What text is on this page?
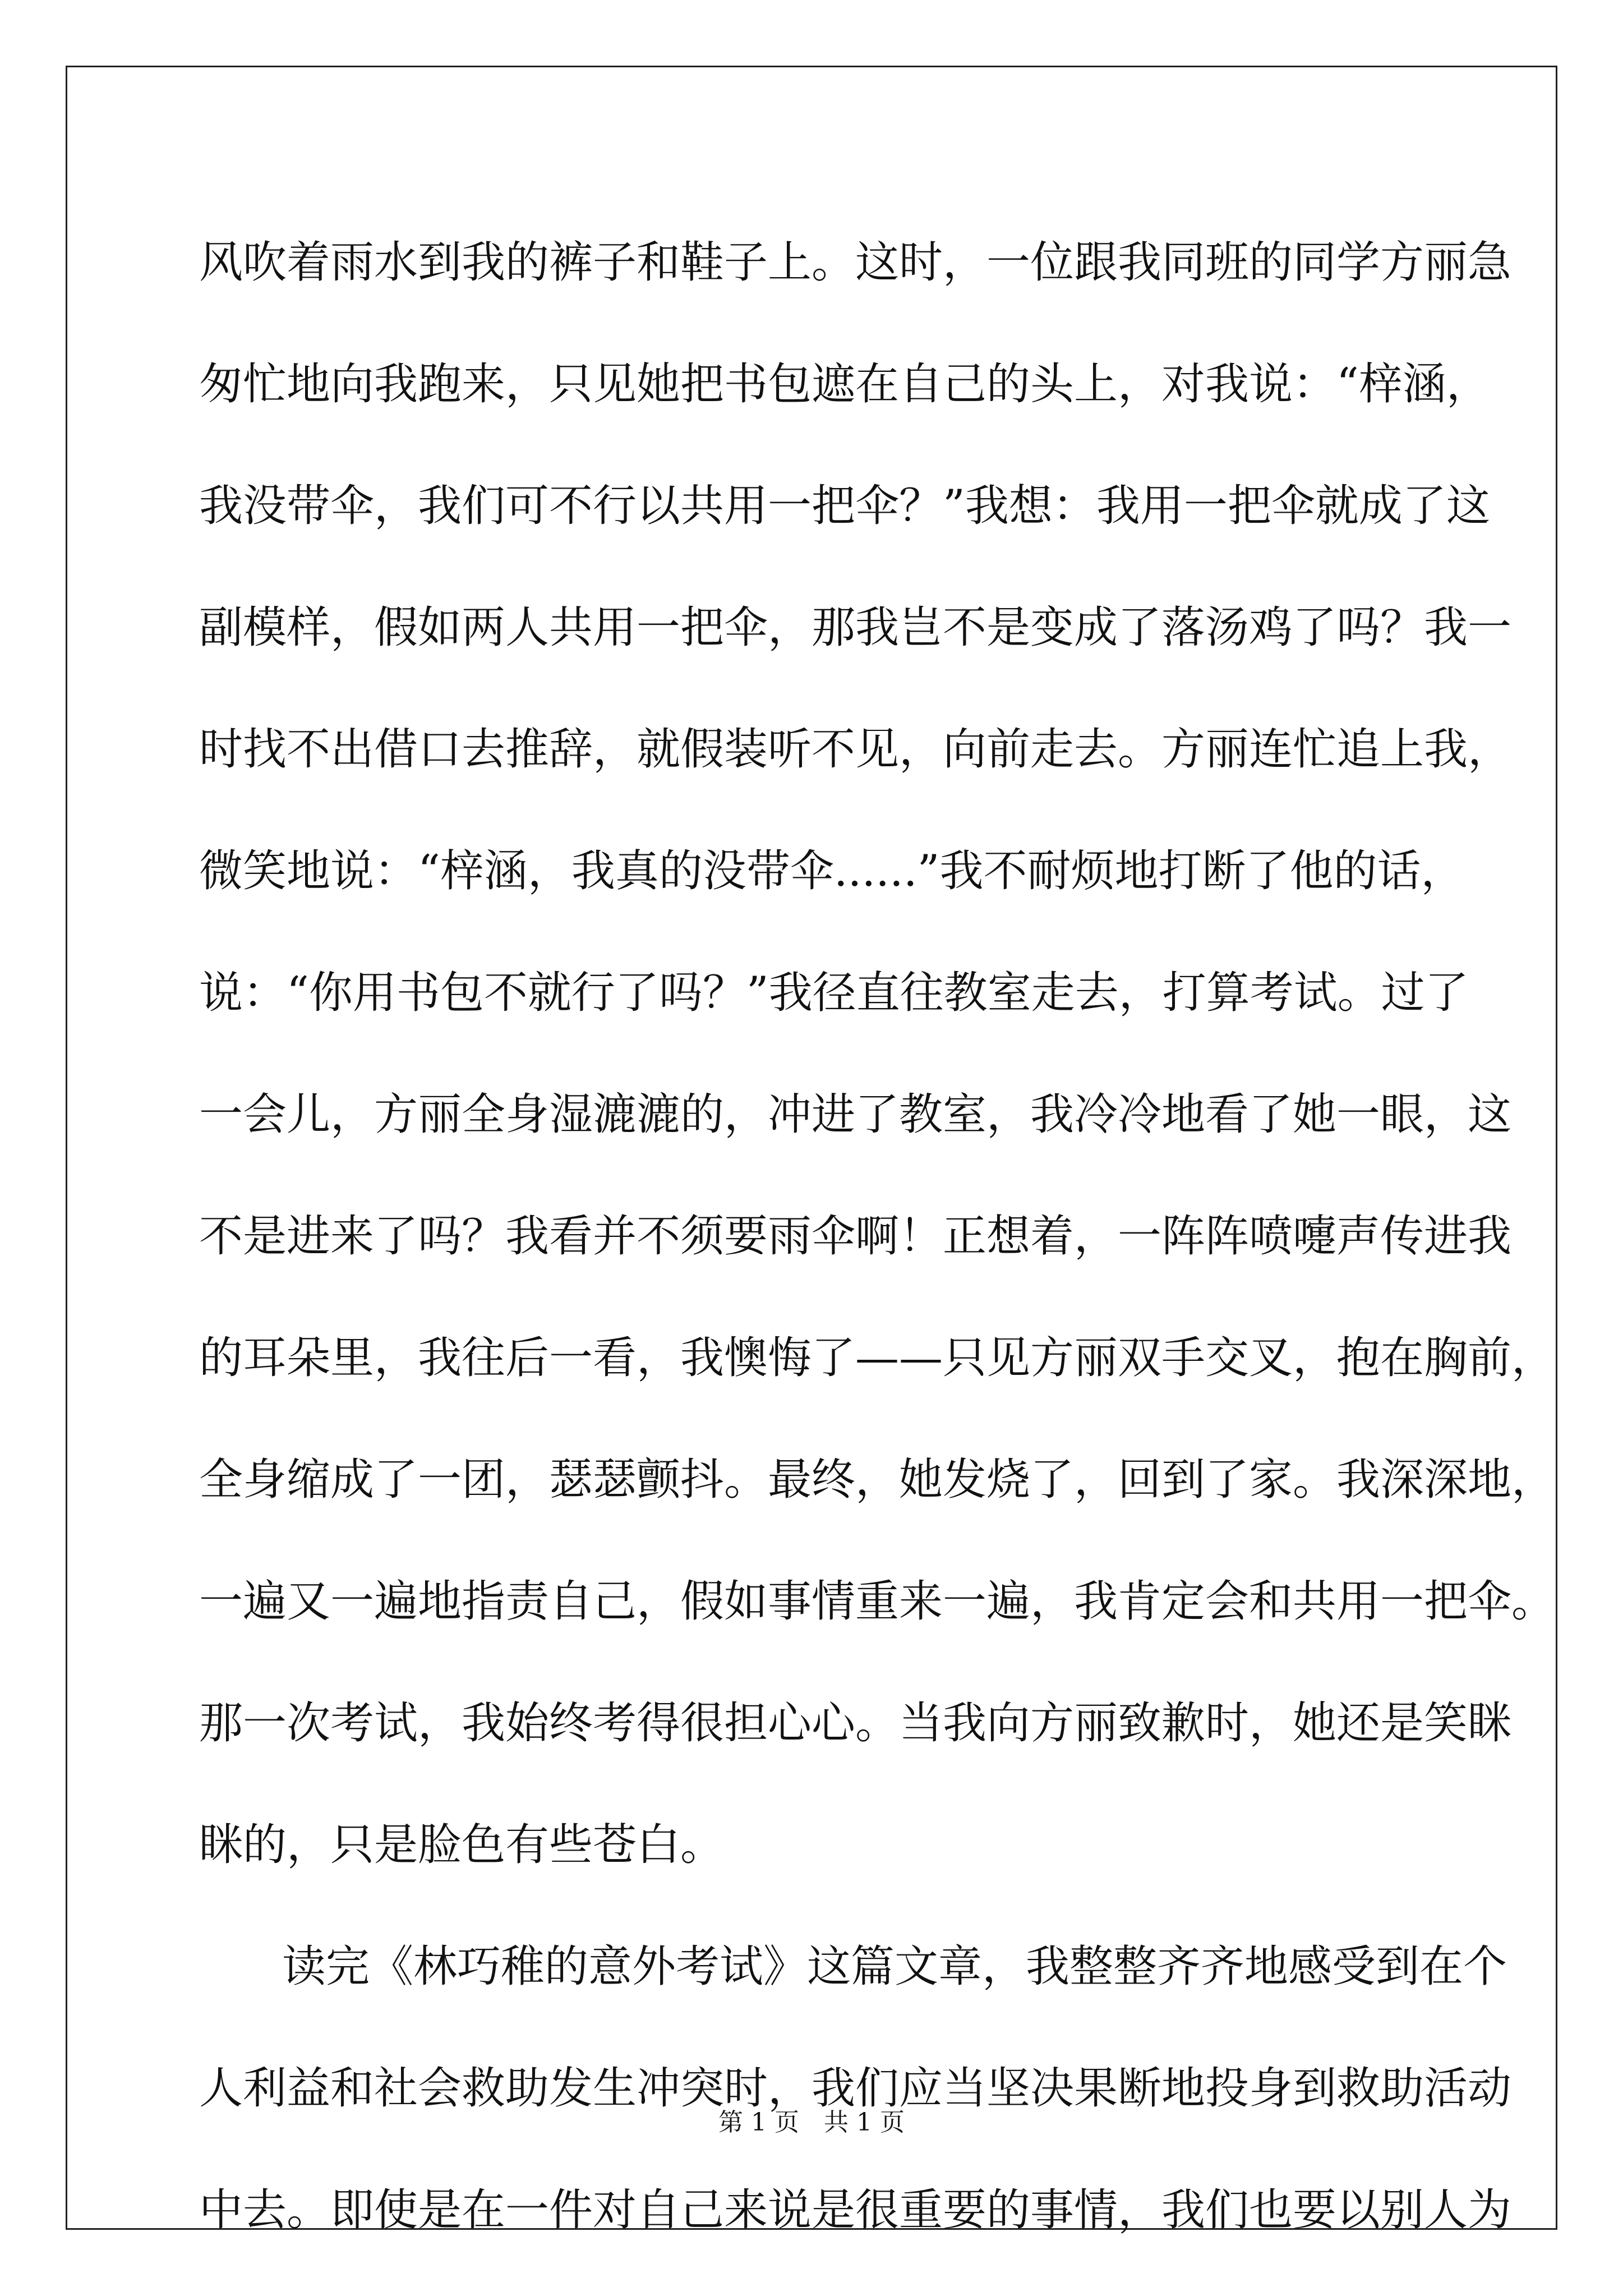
风吹着雨水到我的裤子和鞋子上。这时，一位跟我同班的同学方丽急
匆忙地向我跑来，只见她把书包遮在自己的头上，对我说：“梓涵，
我没带伞，我们可不行以共用一把伞？”我想：我用一把伞就成了这
副模样，假如两人共用一把伞，那我岂不是变成了落汤鸡了吗？我一
时找不出借口去推辞，就假装听不见，向前走去。方丽连忙追上我，
微笑地说：“梓涵，我真的没带伞......”我不耐烦地打断了他的话，
说：“你用书包不就行了吗？”我径直往教室走去，打算考试。过了
一会儿，方丽全身湿漉漉的，冲进了教室，我冷冷地看了她一眼，这
不是进来了吗？我看并不须要雨伞啊！正想着，一阵阵喷嚏声传进我
的耳朵里，我往后一看，我懊悔了——只见方丽双手交叉，抱在胸前，
全身缩成了一团，瑟瑟颤抖。最终，她发烧了，回到了家。我深深地，
一遍又一遍地指责自己，假如事情重来一遍，我肯定会和共用一把伞。
那一次考试，我始终考得很担心心。当我向方丽致歉时，她还是笑眯
眯的，只是脸色有些苍白。
读完《林巧稚的意外考试》这篇文章，我整整齐齐地感受到在个
人利益和社会救助发生冲突时，我们应当坚决果断地投身到救助活动
中去。即使是在一件对自己来说是很重要的事情，我们也要以别人为
第 1 页　共 1 页
